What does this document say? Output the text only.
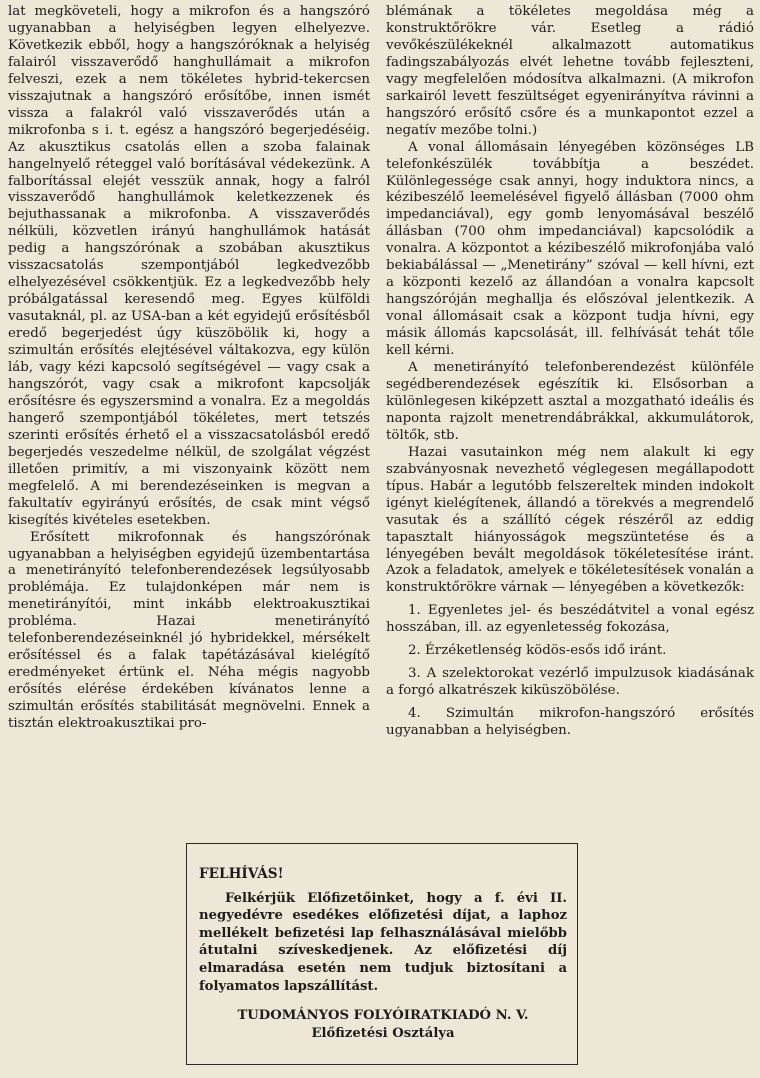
lat megköveteli, hogy a mikrofon és a hangszóró ugyanabban a helyiségben legyen elhelyezve. Következik ebből, hogy a hangszóróknak a helyiség falairól visszaverődő hanghullámait a mikrofon felveszi, ezek a nem tökéletes hybrid-tekercsen visszajutnak a hangszóró erősítőbe, innen ismét vissza a falakról való visszaverődés után a mikrofonba s i. t. egész a hangszóró begerjedéséig. Az akusztikus csatolás ellen a szoba falainak hangelnyelő réteggel való borításával védekezünk. A falborítással elejét vesszük annak, hogy a falról visszaverődő hanghullámok keletkezzenek és bejuthassanak a mikrofonba. A visszaverődés nélküli, közvetlen irányú hanghullámok hatását pedig a hangszórónak a szobában akusztikus visszacsatolás szempontjából legkedvezőbb elhelyezésével csökkentjük. Ez a legkedvezőbb hely próbálgatással keresendő meg. Egyes külföldi vasutaknál, pl. az USA-ban a két egyidejű erősítésből eredő begerjedést úgy küszöbölik ki, hogy a szimultán erősítés elejtésével váltakozva, egy külön láb, vagy kézi kapcsoló segítségével — vagy csak a hangszórót, vagy csak a mikrofont kapcsolják erősítésre és egyszersmind a vonalra. Ez a megoldás hangerő szempontjából tökéletes, mert tetszés szerinti erősítés érhető el a visszacsatolásból eredő begerjedés veszedelme nélkül, de szolgálat végzést illetően primitív, a mi viszonyaink között nem megfelelő. A mi berendezéseinken is megvan a fakultatív egyirányú erősítés, de csak mint végső kisegítés kivételes esetekben.

Erősített mikrofonnak és hangszórónak ugyanabban a helyiségben egyidejű üzembentartása a menetirányító telefonberendezések legsúlyosabb problémája. Ez tulajdonképen már nem is menetirányítói, mint inkább elektroakusztikai probléma. Hazai menetirányító telefonberendezéseinknél jó hybridekkel, mérsékelt erősítéssel és a falak tapétázásával kielégítő eredményeket értünk el. Néha mégis nagyobb erősítés elérése érdekében kívánatos lenne a szimultán erősítés stabilitását megnövelni. Ennek a tisztán elektroakusztikai pro-

blémának a tökéletes megoldása még a konstruktőrökre vár. Esetleg a rádió vevőkészülékeknél alkalmazott automatikus fadingszabályozás elvét lehetne tovább fejleszteni, vagy megfelelően módosítva alkalmazni. (A mikrofon sarkairól levett feszültséget egyenirányítva rávinni a hangszóró erősítő csőre és a munkapontot ezzel a negatív mezőbe tolni.)

A vonal állomásain lényegében közönséges LB telefonkészülék továbbítja a beszédet. Különlegessége csak annyi, hogy induktora nincs, a kézibeszélő leemelésével figyelő állásban (7000 ohm impedanciával), egy gomb lenyomásával beszélő állásban (700 ohm impedanciával) kapcsolódik a vonalra. A központot a kézibeszélő mikrofonjába való bekiabálással — „Menetirány” szóval — kell hívni, ezt a központi kezelő az állandóan a vonalra kapcsolt hangszóróján meghallja és előszóval jelentkezik. A vonal állomásait csak a központ tudja hívni, egy másik állomás kapcsolását, ill. felhívását tehát tőle kell kérni.

A menetirányító telefonberendezést különféle segédberendezések egészítik ki. Elsősorban a különlegesen kiképzett asztal a mozgatható ideális és naponta rajzolt menetrendábrákkal, akkumulátorok, töltők, stb.

Hazai vasutainkon még nem alakult ki egy szabványosnak nevezhető véglegesen megállapodott típus. Habár a legutóbb felszereltek minden indokolt igényt kielégítenek, állandó a törekvés a megrendelő vasutak és a szállító cégek részéről az eddig tapasztalt hiányosságok megszüntetése és a lényegében bevált megoldások tökéletesítése iránt. Azok a feladatok, amelyek e tökéletesítések vonalán a konstruktőrökre várnak — lényegében a következők:

1. Egyenletes jel- és beszédátvitel a vonal egész hosszában, ill. az egyenletesség fokozása,

2. Érzéketlenség ködös-esős idő iránt.

3. A szelektorokat vezérlő impulzusok kiadásának a forgó alkatrészek kiküszöbölése.

4. Szimultán mikrofon-hangszóró erősítés ugyanabban a helyiségben.

FELHÍVÁS!

Felkérjük Előfizetőinket, hogy a f. évi II. negyedévre esedékes előfizetési díjat, a laphoz mellékelt befizetési lap felhasználásával mielőbb átutalni szíveskedjenek. Az előfizetési díj elmaradása esetén nem tudjuk biztosítani a folyamatos lapszállítást.

TUDOMÁNYOS FOLYÓIRATKIADÓ N. V.

Előfizetési Osztálya
